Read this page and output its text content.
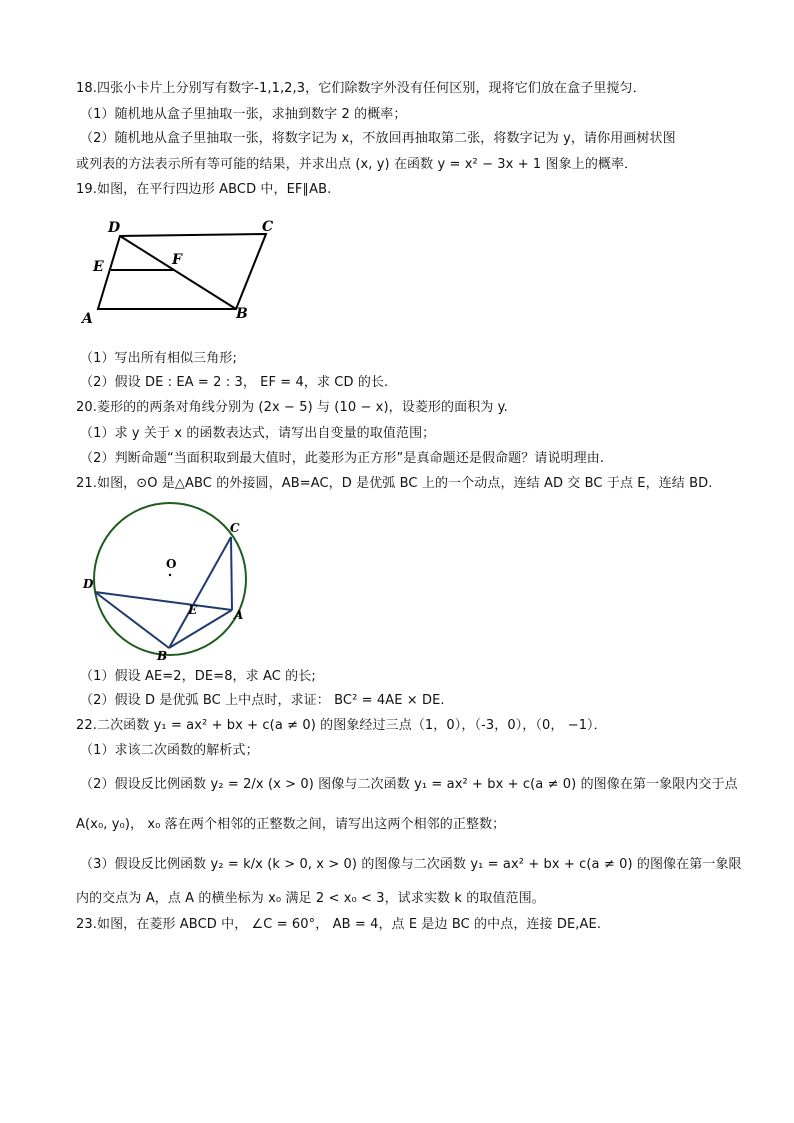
18.四张小卡片上分别写有数字-1,1,2,3，它们除数字外没有任何区别，现将它们放在盒子里搅匀．
（1）随机地从盒子里抽取一张，求抽到数字 2 的概率；
（2）随机地从盒子里抽取一张，将数字记为 x，不放回再抽取第二张，将数字记为 y，请你用画树状图
或列表的方法表示所有等可能的结果，并求出点 (x, y) 在函数 y = x² − 3x + 1 图象上的概率．
19.如图，在平行四边形 ABCD 中，EF∥AB.
D	C
E	F
A	B
（1）写出所有相似三角形;
（2）假设 DE : EA = 2 : 3， EF = 4，求 CD 的长.
20.菱形的的两条对角线分别为 (2x − 5) 与 (10 − x)，设菱形的面积为 y.
（1）求 y 关于 x 的函数表达式，请写出自变量的取值范围；
（2）判断命题“当面积取到最大值时，此菱形为正方形”是真命题还是假命题？请说明理由.
21.如图，⊙O 是△ABC 的外接圆，AB=AC，D 是优弧 BC 上的一个动点，连结 AD 交 BC 于点 E，连结 BD.
O
C
D
E	A
B
（1）假设 AE=2，DE=8，求 AC 的长;
（2）假设 D 是优弧 BC 上中点时，求证： BC² = 4AE × DE.
22.二次函数 y₁ = ax² + bx + c(a ≠ 0) 的图象经过三点（1，0），（-3，0），（0， −1）．
（1）求该二次函数的解析式；
（2）假设反比例函数 y₂ = 2/x (x > 0) 图像与二次函数 y₁ = ax² + bx + c(a ≠ 0) 的图像在第一象限内交于点
A(x₀, y₀)， x₀ 落在两个相邻的正整数之间，请写出这两个相邻的正整数；
（3）假设反比例函数 y₂ = k/x (k > 0, x > 0) 的图像与二次函数 y₁ = ax² + bx + c(a ≠ 0) 的图像在第一象限
内的交点为 A，点 A 的横坐标为 x₀ 满足 2 < x₀ < 3，试求实数 k 的取值范围。
23.如图，在菱形 ABCD 中， ∠C = 60°， AB = 4，点 E 是边 BC 的中点，连接 DE,AE.
